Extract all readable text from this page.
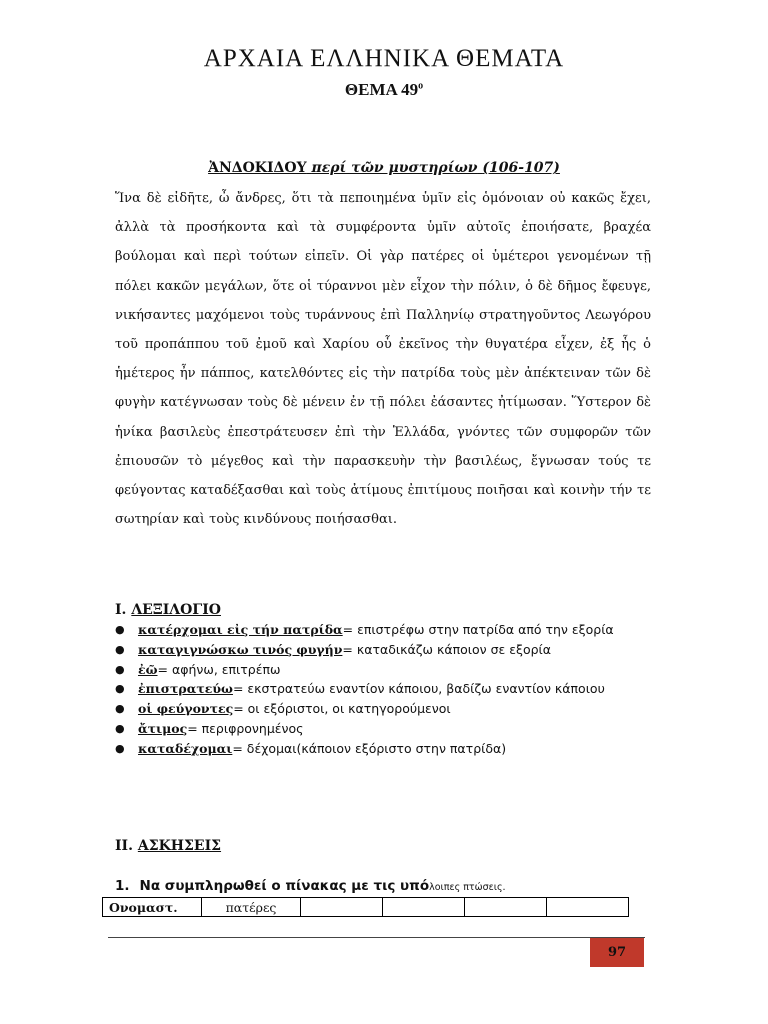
ΑΡΧΑΙΑ ΕΛΛΗΝΙΚΑ ΘΕΜΑΤΑ
ΘΕΜΑ $49^o$
ἈΝΔΟΚΙΔΟΥ περί τῶν μυστηρίων (106-107)

Ἵνα δὲ εἰδῆτε, ὦ ἄνδρες, ὅτι τὰ πεποιημένα ὑμῖν εἰς ὁμόνοιαν οὐ κακῶς ἔχει, ἀλλὰ τὰ προσήκοντα καὶ τὰ συμφέροντα ὑμῖν αὐτοῖς ἐποιήσατε, βραχέα βούλομαι καὶ περὶ τούτων εἰπεῖν. Οἱ γὰρ πατέρες οἱ ὑμέτεροι γενομένων τῇ πόλει κακῶν μεγάλων, ὅτε οἱ τύραννοι μὲν εἶχον τὴν πόλιν, ὁ δὲ δῆμος ἔφευγε, νικήσαντες μαχόμενοι τοὺς τυράννους ἐπὶ Παλληνίῳ στρατηγοῦντος Λεωγόρου τοῦ προπάππου τοῦ ἐμοῦ καὶ Χαρίου οὗ ἐκεῖνος τὴν θυγατέρα εἶχεν, ἐξ ἧς ὁ ἡμέτερος ἦν πάππος, κατελθόντες εἰς τὴν πατρίδα τοὺς μὲν ἀπέκτειναν τῶν δὲ φυγὴν κατέγνωσαν τοὺς δὲ μένειν ἐν τῇ πόλει ἐάσαντες ἠτίμωσαν. Ὕστερον δὲ ἡνίκα βασιλεὺς ἐπεστράτευσεν ἐπὶ τὴν Ἑλλάδα, γνόντες τῶν συμφορῶν τῶν ἐπιουσῶν τὸ μέγεθος καὶ τὴν παρασκευὴν τὴν βασιλέως, ἔγνωσαν τούς τε φεύγοντας καταδέξασθαι καὶ τοὺς ἀτίμους ἐπιτίμους ποιῆσαι καὶ κοινὴν τήν τε σωτηρίαν καὶ τοὺς κινδύνους ποιήσασθαι.

I. ΛΕΞΙΛΟΓΙΟ
● κατέρχομαι εἰς τήν πατρίδα= επιστρέφω στην πατρίδα από την εξορία
● καταγιγνώσκω τινός φυγήν= καταδικάζω κάποιον σε εξορία
● ἐῶ= αφήνω, επιτρέπω
● ἐπιστρατεύω= εκστρατεύω εναντίον κάποιου, βαδίζω εναντίον κάποιου
● οἱ φεύγοντες= οι εξόριστοι, οι κατηγορούμενοι
● ἄτιμος= περιφρονημένος
● καταδέχομαι= δέχομαι(κάποιον εξόριστο στην πατρίδα)
II. ΑΣΚΗΣΕΙΣ
1. Να συμπληρωθεί ο πίνακας με τις υπόλοιπες πτώσεις.
Ονομαστ.	πατέρες				
97
